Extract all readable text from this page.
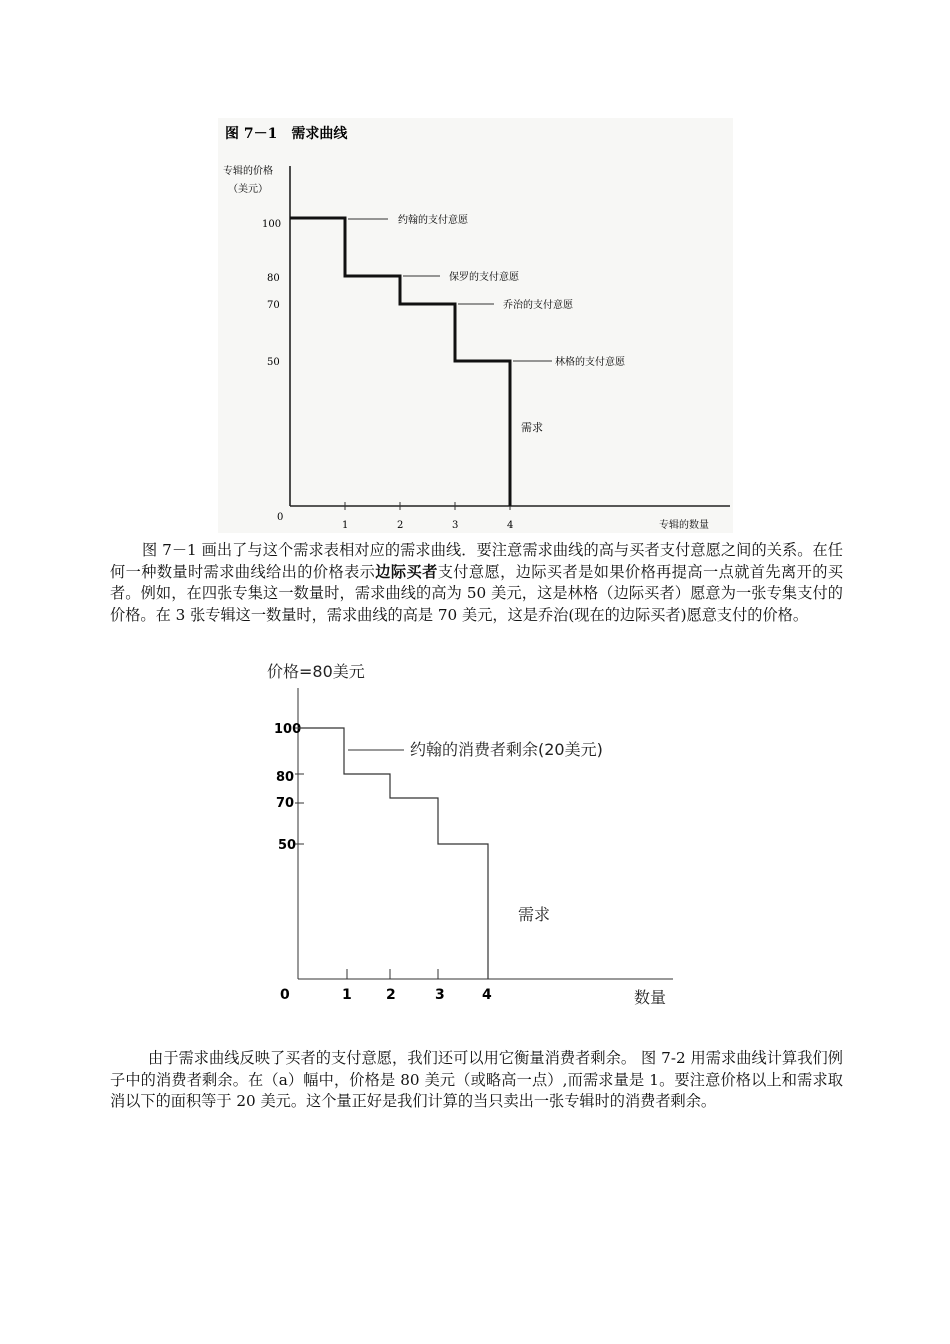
图 7－1　需求曲线
专辑的价格
（美元）
100
80
70
50
0
1	2	3	4	专辑的数量
约翰的支付意愿
保罗的支付意愿
乔治的支付意愿
林格的支付意愿
需求

图 7－1 画出了与这个需求表相对应的需求曲线．要注意需求曲线的高与买者支付意愿之间的关系。在任何一种数量时需求曲线给出的价格表示边际买者支付意愿，边际买者是如果价格再提高一点就首先离开的买者。例如，在四张专集这一数量时，需求曲线的高为 50 美元，这是林格（边际买者）愿意为一张专集支付的价格。在 3 张专辑这一数量时，需求曲线的高是 70 美元，这是乔治(现在的边际买者)愿意支付的价格。

价格=80美元
100
80
70
50
0	1 2	3	4	数量
约翰的消费者剩余(20美元)
需求

由于需求曲线反映了买者的支付意愿，我们还可以用它衡量消费者剩余。 图 7-2 用需求曲线计算我们例子中的消费者剩余。在（a）幅中，价格是 80 美元（或略高一点）,而需求量是 1。要注意价格以上和需求取消以下的面积等于 20 美元。这个量正好是我们计算的当只卖出一张专辑时的消费者剩余。
